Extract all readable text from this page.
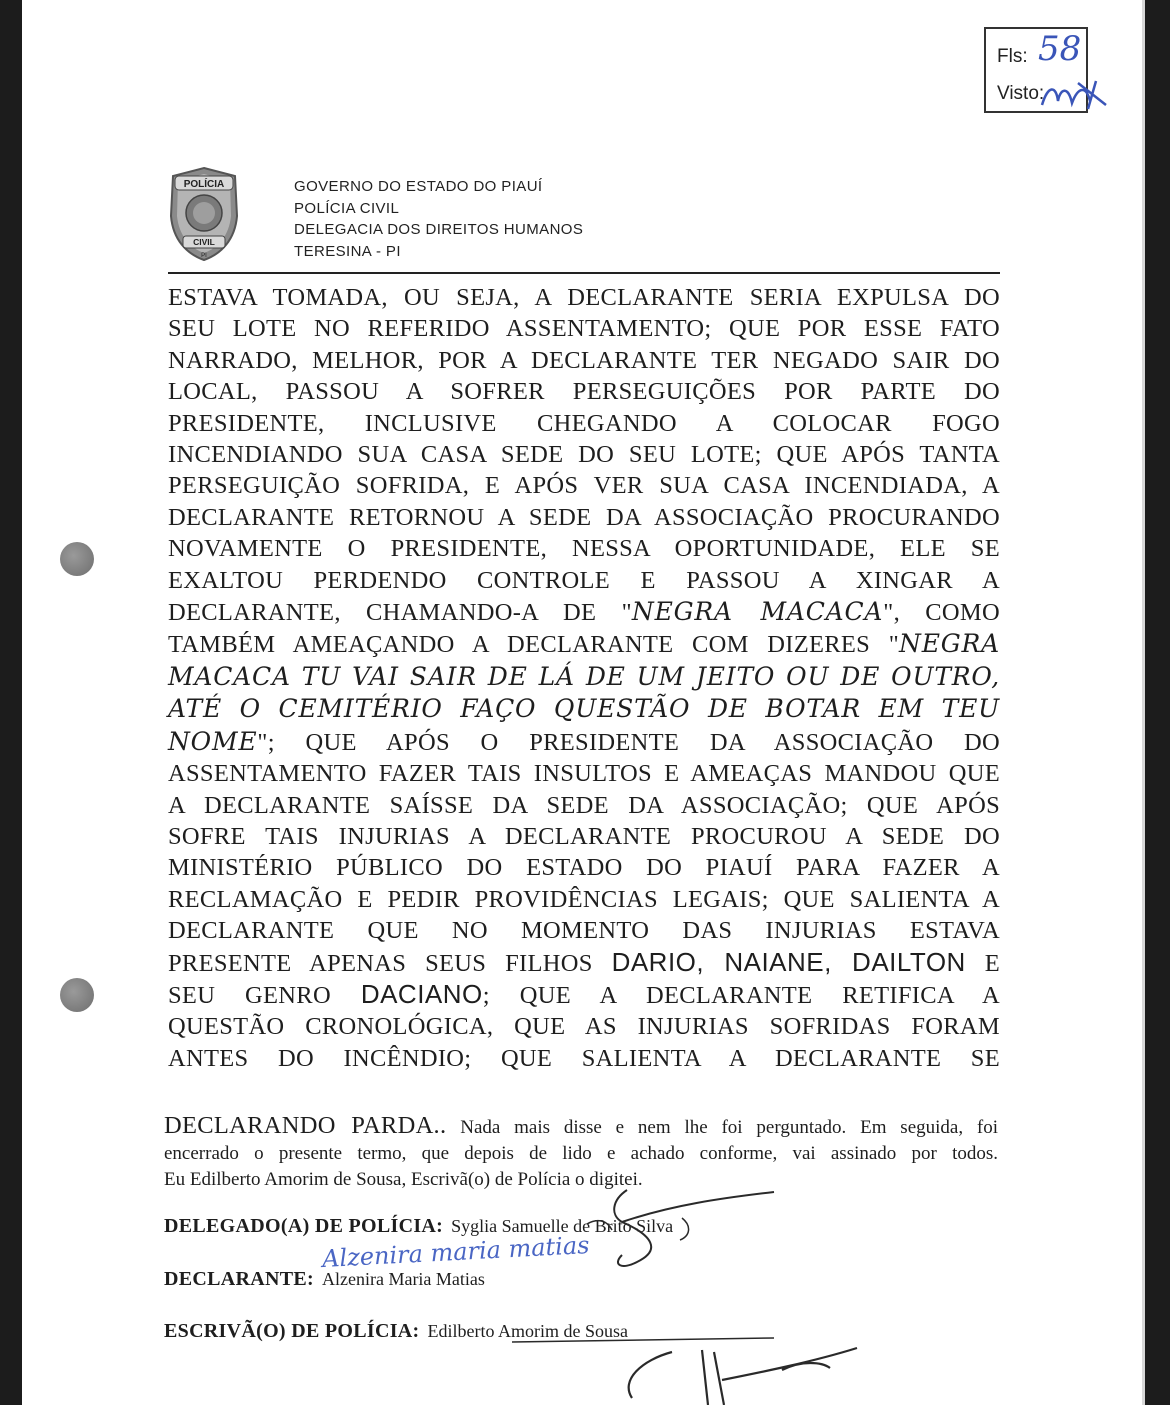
Fls: 58
Visto:
POLÍCIA
CIVIL
PI
GOVERNO DO ESTADO DO PIAUÍ
POLÍCIA CIVIL
DELEGACIA DOS DIREITOS HUMANOS
TERESINA - PI

ESTAVA TOMADA, OU SEJA, A DECLARANTE SERIA EXPULSA DO

SEU LOTE NO REFERIDO ASSENTAMENTO; QUE POR ESSE FATO

NARRADO, MELHOR, POR A DECLARANTE TER NEGADO SAIR DO

LOCAL, PASSOU A SOFRER PERSEGUIÇÕES POR PARTE DO

PRESIDENTE, INCLUSIVE CHEGANDO A COLOCAR FOGO

INCENDIANDO SUA CASA SEDE DO SEU LOTE; QUE APÓS TANTA

PERSEGUIÇÃO SOFRIDA, E APÓS VER SUA CASA INCENDIADA, A

DECLARANTE RETORNOU A SEDE DA ASSOCIAÇÃO PROCURANDO

NOVAMENTE O PRESIDENTE, NESSA OPORTUNIDADE, ELE SE

EXALTOU PERDENDO CONTROLE E PASSOU A XINGAR A

DECLARANTE, CHAMANDO-A DE "NEGRA MACACA", COMO

TAMBÉM AMEAÇANDO A DECLARANTE COM DIZERES "NEGRA

MACACA TU VAI SAIR DE LÁ DE UM JEITO OU DE OUTRO,

ATÉ O CEMITÉRIO FAÇO QUESTÃO DE BOTAR EM TEU

NOME"; QUE APÓS O PRESIDENTE DA ASSOCIAÇÃO DO

ASSENTAMENTO FAZER TAIS INSULTOS E AMEAÇAS MANDOU QUE

A DECLARANTE SAÍSSE DA SEDE DA ASSOCIAÇÃO; QUE APÓS

SOFRE TAIS INJURIAS A DECLARANTE PROCUROU A SEDE DO

MINISTÉRIO PÚBLICO DO ESTADO DO PIAUÍ PARA FAZER A

RECLAMAÇÃO E PEDIR PROVIDÊNCIAS LEGAIS; QUE SALIENTA A

DECLARANTE QUE NO MOMENTO DAS INJURIAS ESTAVA

PRESENTE APENAS SEUS FILHOS DARIO, NAIANE, DAILTON E

SEU GENRO DACIANO; QUE A DECLARANTE RETIFICA A

QUESTÃO CRONOLÓGICA, QUE AS INJURIAS SOFRIDAS FORAM

ANTES DO INCÊNDIO; QUE SALIENTA A DECLARANTE SE

DECLARANDO PARDA.. Nada mais disse e nem lhe foi perguntado. Em seguida, foi

encerrado o presente termo, que depois de lido e achado conforme, vai assinado por todos.

Eu Edilberto Amorim de Sousa, Escrivã(o) de Polícia o digitei.

DELEGADO(A) DE POLÍCIA: Syglia Samuelle de Brito Silva
Alzenira maria matias
DECLARANTE: Alzenira Maria Matias
ESCRIVÃ(O) DE POLÍCIA: Edilberto Amorim de Sousa
